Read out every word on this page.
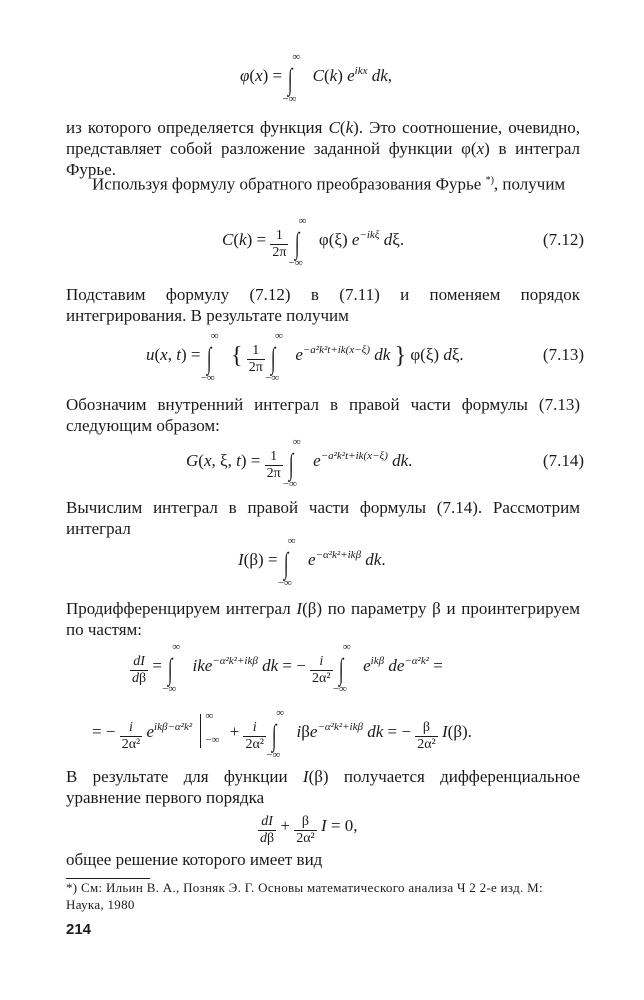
φ(x) = ∫
∞
−∞
C(k) $e^{ikx}$ dk,
из которого определяется функция C(k). Это соотношение, очевидно, представляет собой разложение заданной функции φ(x) в интеграл Фурье.
Используя формулу обратного преобразования Фурье *), получим
$C(k) = \frac{1}{2\pi}$ ∫
∞
−∞
φ(ξ) $e^{-ik\xi}$ dξ.	(7.12)
Подставим формулу (7.12) в (7.11) и поменяем порядок интегрирования. В результате получим
u(x, t) = ∫
∞
−∞
{ $\frac{1}{2\pi}$ ∫
∞
−∞
$e^{-a^2k^2t+ik(x-\xi)}$ dk } φ(ξ) dξ.	(7.13)
Обозначим внутренний интеграл в правой части формулы (7.13) следующим образом:
G(x, ξ, $t) = \frac{1}{2\pi}$ ∫
∞
−∞
$e^{-a^2k^2t+ik(x-\xi)}$ dk.	(7.14)
Вычислим интеграл в правой части формулы (7.14). Рассмотрим интеграл
I(β) = ∫
∞
−∞
$e^{-\alpha^2k^2+ik\beta}$ dk.
Продифференцируем интеграл I(β) по параметру β и проинтегрируем по частям:
$\frac{dI}{d\beta}$ = ∫
∞
−∞
ike$^{-\alpha^2k^2+ik\beta}$ dk = − $\frac{i}{\text{2α²}}$ ∫
∞
−∞
$e^{ik\beta}$ $de^{-\alpha^2k^2}$ =
= − $\frac{i}{\text{2α²}} e^{ik\beta-\alpha^2k^2}$
∞
−∞ + $\frac{i}{\text{2α²}}$ ∫
∞
−∞
iβe$^{-\alpha^2k^2+ik\beta}$ dk = − $\frac{\beta}{\text{2α²}} I(\beta)$.
В результате для функции I(β) получается дифференциальное уравнение первого порядка
$\frac{dI}{d\beta} + \frac{\beta}{\text{2α²}}$ I = 0,
общее решение которого имеет вид
*) См: Ильин В. А., Позняк Э. Г. Основы математического анализа Ч 2 2-е изд. М: Наука, 1980
214
